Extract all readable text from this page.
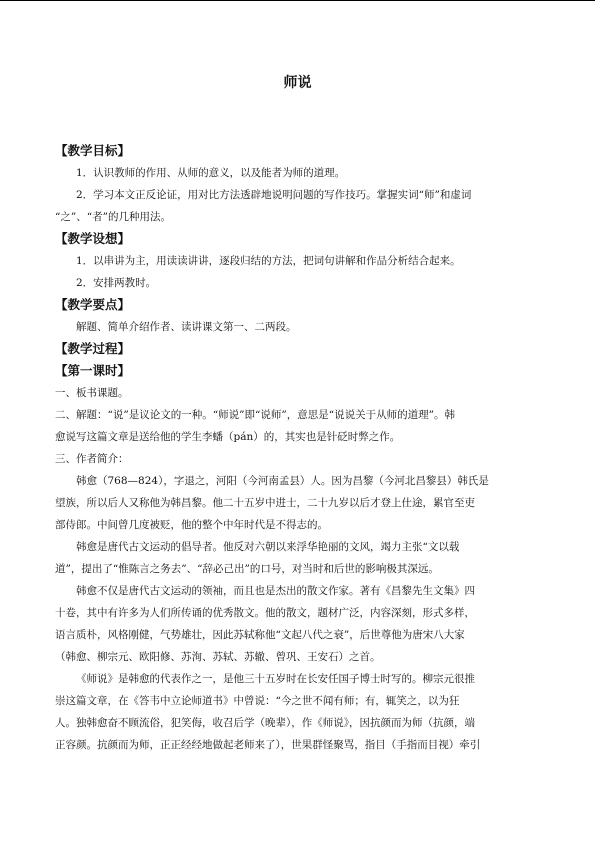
师说
【教学目标】
1．认识教师的作用、从师的意义，以及能者为师的道理。
2．学习本文正反论证，用对比方法透辟地说明问题的写作技巧。掌握实词“师”和虚词
“之”、“者”的几种用法。
【教学设想】
1．以串讲为主，用读读讲讲，逐段归结的方法，把词句讲解和作品分析结合起来。
2．安排两教时。
【教学要点】
解题、简单介绍作者、读讲课文第一、二两段。
【教学过程】
【第一课时】
一、板书课题。
二、解题：“说”是议论文的一种。“师说”即“说师”，意思是“说说关于从师的道理”。韩
愈说写这篇文章是送给他的学生李蟠（pán）的，其实也是针砭时弊之作。
三、作者简介：
韩愈（768—824），字退之，河阳（今河南孟县）人。因为昌黎（今河北昌黎县）韩氏是
望族，所以后人又称他为韩昌黎。他二十五岁中进士，二十九岁以后才登上仕途，累官至吏
部侍郎。中间曾几度被贬，他的整个中年时代是不得志的。
韩愈是唐代古文运动的倡导者。他反对六朝以来浮华艳丽的文风，竭力主张“文以载
道”，提出了“惟陈言之务去”、“辞必己出”的口号，对当时和后世的影响极其深远。
韩愈不仅是唐代古文运动的领袖，而且也是杰出的散文作家。著有《昌黎先生文集》四
十卷，其中有许多为人们所传诵的优秀散文。他的散文，题材广泛，内容深刻，形式多样，
语言质朴，风格刚健，气势雄壮，因此苏轼称他“文起八代之衰”，后世尊他为唐宋八大家
（韩愈、柳宗元、欧阳修、苏洵、苏轼、苏辙、曾巩、王安石）之首。
《师说》是韩愈的代表作之一，是他三十五岁时在长安任国子博士时写的。柳宗元很推
崇这篇文章，在《答韦中立论师道书》中曾说：“今之世不闻有师；有，辄笑之，以为狂
人。独韩愈奋不顾流俗，犯笑侮，收召后学（晚辈），作《师说》，因抗颜而为师（抗颜，端
正容颜。抗颜而为师，正正经经地做起老师来了），世果群怪聚骂，指目（手指而目视）牵引
